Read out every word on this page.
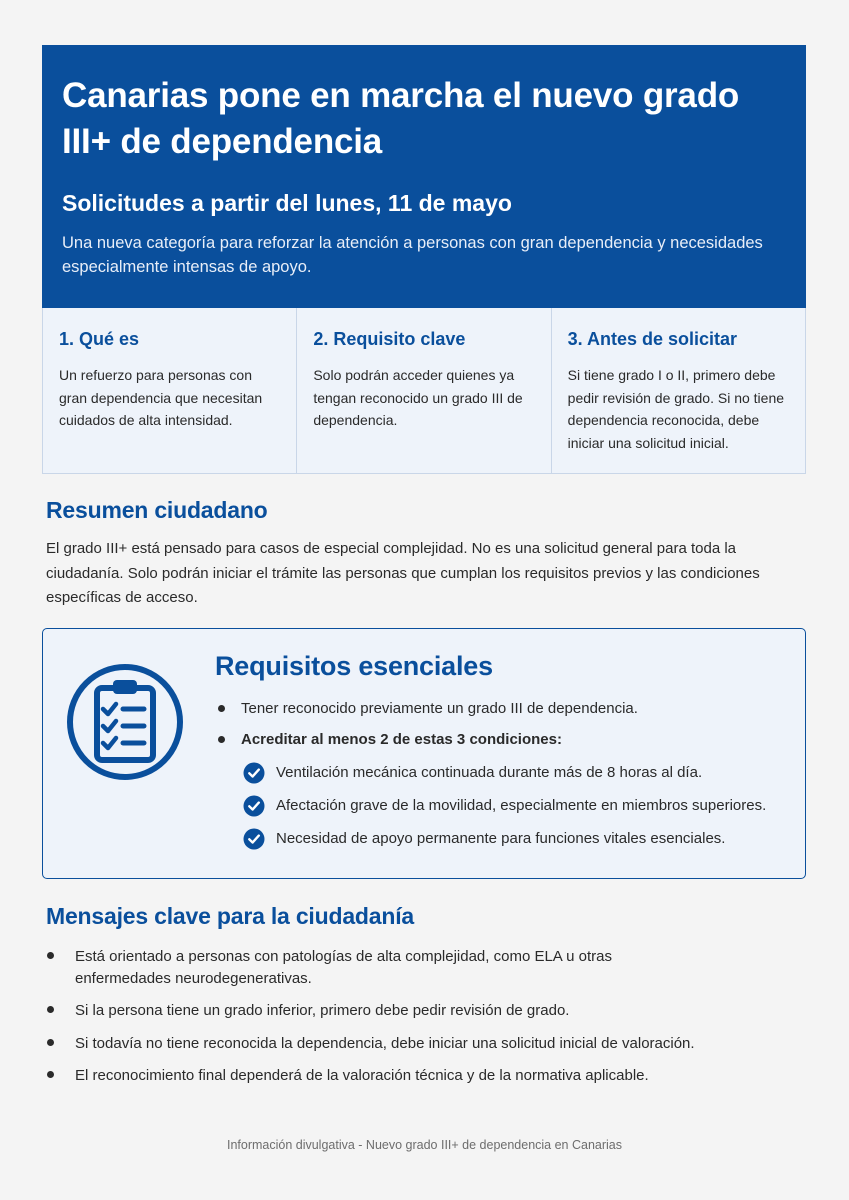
Canarias pone en marcha el nuevo grado III+ de dependencia
Solicitudes a partir del lunes, 11 de mayo

Una nueva categoría para reforzar la atención a personas con gran dependencia y necesidades especialmente intensas de apoyo.

1. Qué es
Un refuerzo para personas con gran dependencia que necesitan cuidados de alta intensidad.
2. Requisito clave
Solo podrán acceder quienes ya tengan reconocido un grado III de dependencia.
3. Antes de solicitar
Si tiene grado I o II, primero debe pedir revisión de grado. Si no tiene dependencia reconocida, debe iniciar una solicitud inicial.
Resumen ciudadano

El grado III+ está pensado para casos de especial complejidad. No es una solicitud general para toda la ciudadanía. Solo podrán iniciar el trámite las personas que cumplan los requisitos previos y las condiciones específicas de acceso.

Requisitos esenciales
Tener reconocido previamente un grado III de dependencia.
Acreditar al menos 2 de estas 3 condiciones:
Ventilación mecánica continuada durante más de 8 horas al día.
Afectación grave de la movilidad, especialmente en miembros superiores.
Necesidad de apoyo permanente para funciones vitales esenciales.
Mensajes clave para la ciudadanía
Está orientado a personas con patologías de alta complejidad, como ELA u otras enfermedades neurodegenerativas.
Si la persona tiene un grado inferior, primero debe pedir revisión de grado.
Si todavía no tiene reconocida la dependencia, debe iniciar una solicitud inicial de valoración.
El reconocimiento final dependerá de la valoración técnica y de la normativa aplicable.
Información divulgativa - Nuevo grado III+ de dependencia en Canarias
